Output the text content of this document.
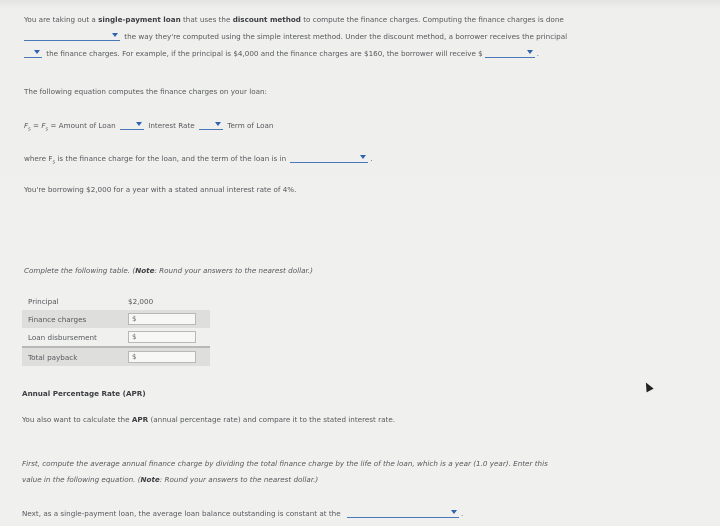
You are taking out a single-payment loan that uses the discount method to compute the finance charges. Computing the finance charges is done
the way they're computed using the simple interest method. Under the discount method, a borrower receives the principal
the finance charges. For example, if the principal is $4,000 and the finance charges are $160, the borrower will receive $	.
The following equation computes the finance charges on your loan:
$F_s = F_s$ = Amount of Loan	Interest Rate	Term of Loan
where $F_s$ is the finance charge for the loan, and the term of the loan is in	.
You're borrowing $2,000 for a year with a stated annual interest rate of 4%.
Complete the following table. (Note: Round your answers to the nearest dollar.)
Principal	$2,000
Finance charges	$
Loan disbursement	$
Total payback	$
Annual Percentage Rate (APR)
You also want to calculate the APR (annual percentage rate) and compare it to the stated interest rate.
First, compute the average annual finance charge by dividing the total finance charge by the life of the loan, which is a year (1.0 year). Enter this
value in the following equation. (Note: Round your answers to the nearest dollar.)
Next, as a single-payment loan, the average loan balance outstanding is constant at the	.
